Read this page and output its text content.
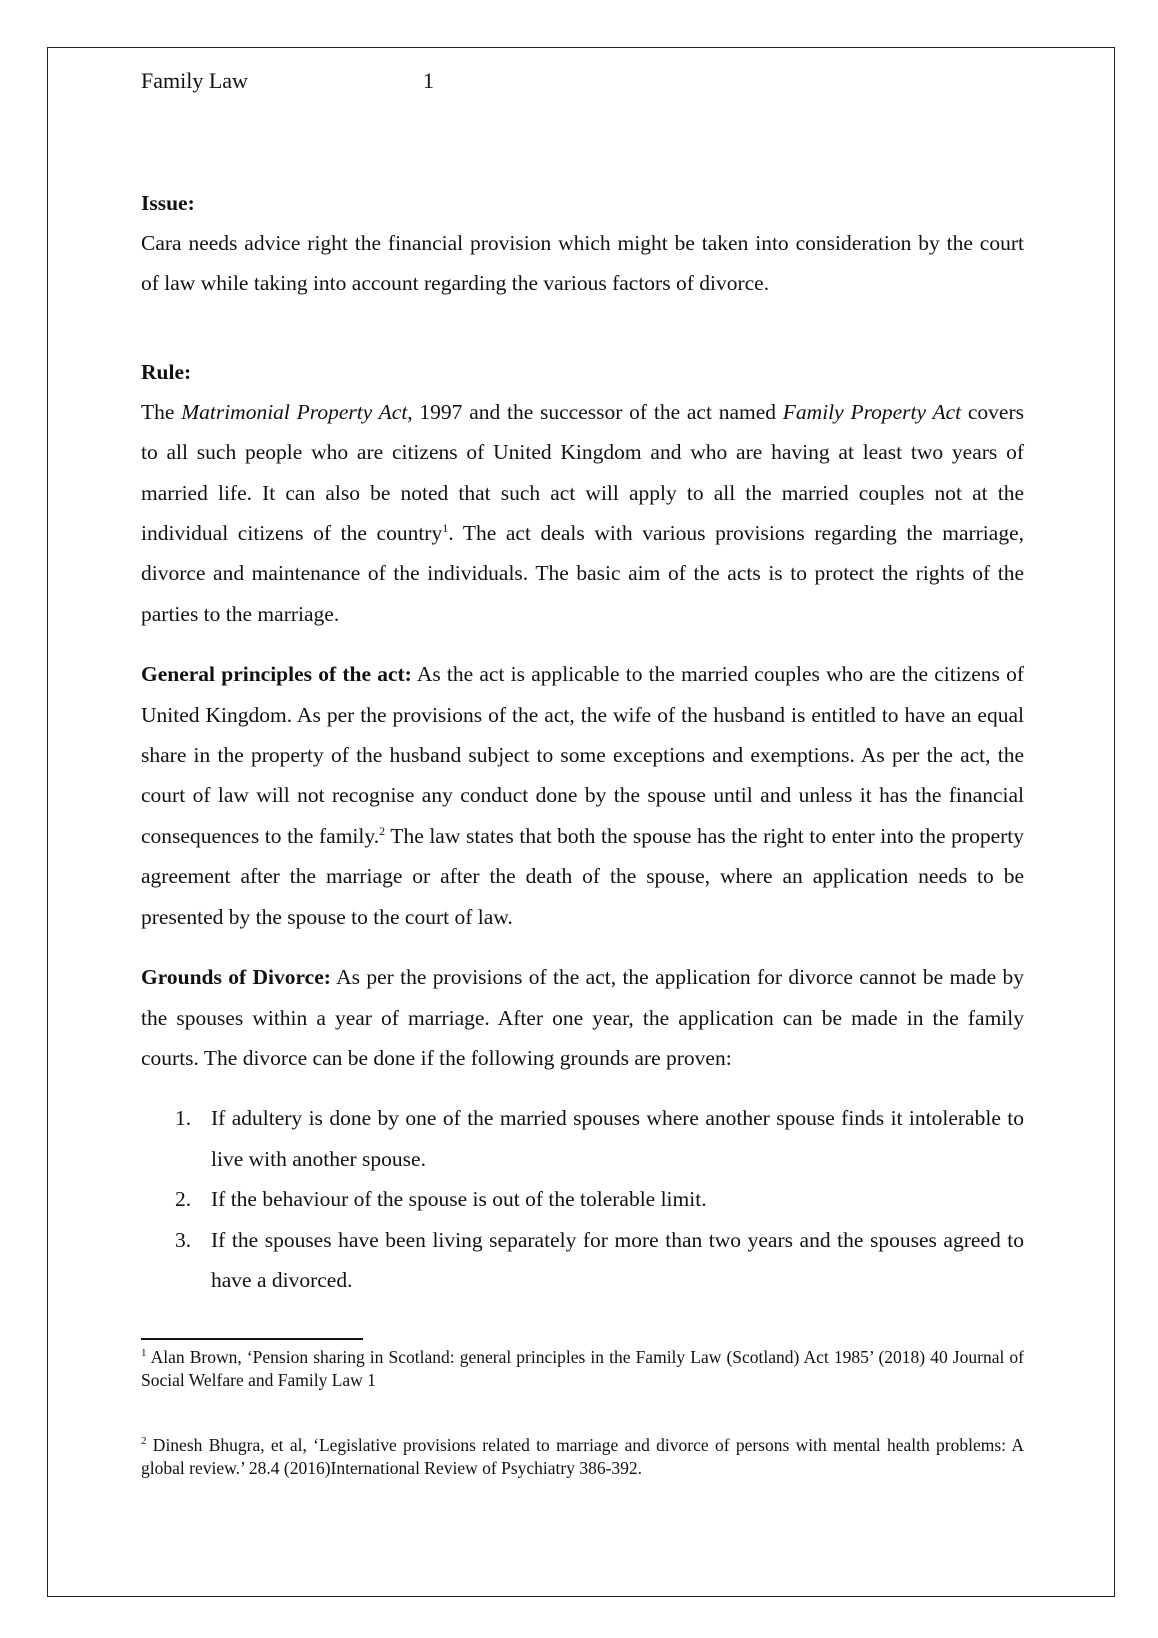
Family Law	1

Issue:

Cara needs advice right the financial provision which might be taken into consideration by the court of law while taking into account regarding the various factors of divorce.

Rule:

The Matrimonial Property Act, 1997 and the successor of the act named Family Property Act covers to all such people who are citizens of United Kingdom and who are having at least two years of married life. It can also be noted that such act will apply to all the married couples not at the individual citizens of the country$^1$. The act deals with various provisions regarding the marriage, divorce and maintenance of the individuals. The basic aim of the acts is to protect the rights of the parties to the marriage.

General principles of the act: As the act is applicable to the married couples who are the citizens of United Kingdom. As per the provisions of the act, the wife of the husband is entitled to have an equal share in the property of the husband subject to some exceptions and exemptions. As per the act, the court of law will not recognise any conduct done by the spouse until and unless it has the financial consequences to the family.$^2$ The law states that both the spouse has the right to enter into the property agreement after the marriage or after the death of the spouse, where an application needs to be presented by the spouse to the court of law.

Grounds of Divorce: As per the provisions of the act, the application for divorce cannot be made by the spouses within a year of marriage. After one year, the application can be made in the family courts. The divorce can be done if the following grounds are proven:

1. If adultery is done by one of the married spouses where another spouse finds it intolerable to live with another spouse.
2. If the behaviour of the spouse is out of the tolerable limit.
3. If the spouses have been living separately for more than two years and the spouses agreed to have a divorced.

$^1$ Alan Brown, ‘Pension sharing in Scotland: general principles in the Family Law (Scotland) Act 1985’ (2018) 40 Journal of Social Welfare and Family Law 1

$^2$ Dinesh Bhugra, et al, ‘Legislative provisions related to marriage and divorce of persons with mental health problems: A global review.’ 28.4 (2016)International Review of Psychiatry 386-392.
